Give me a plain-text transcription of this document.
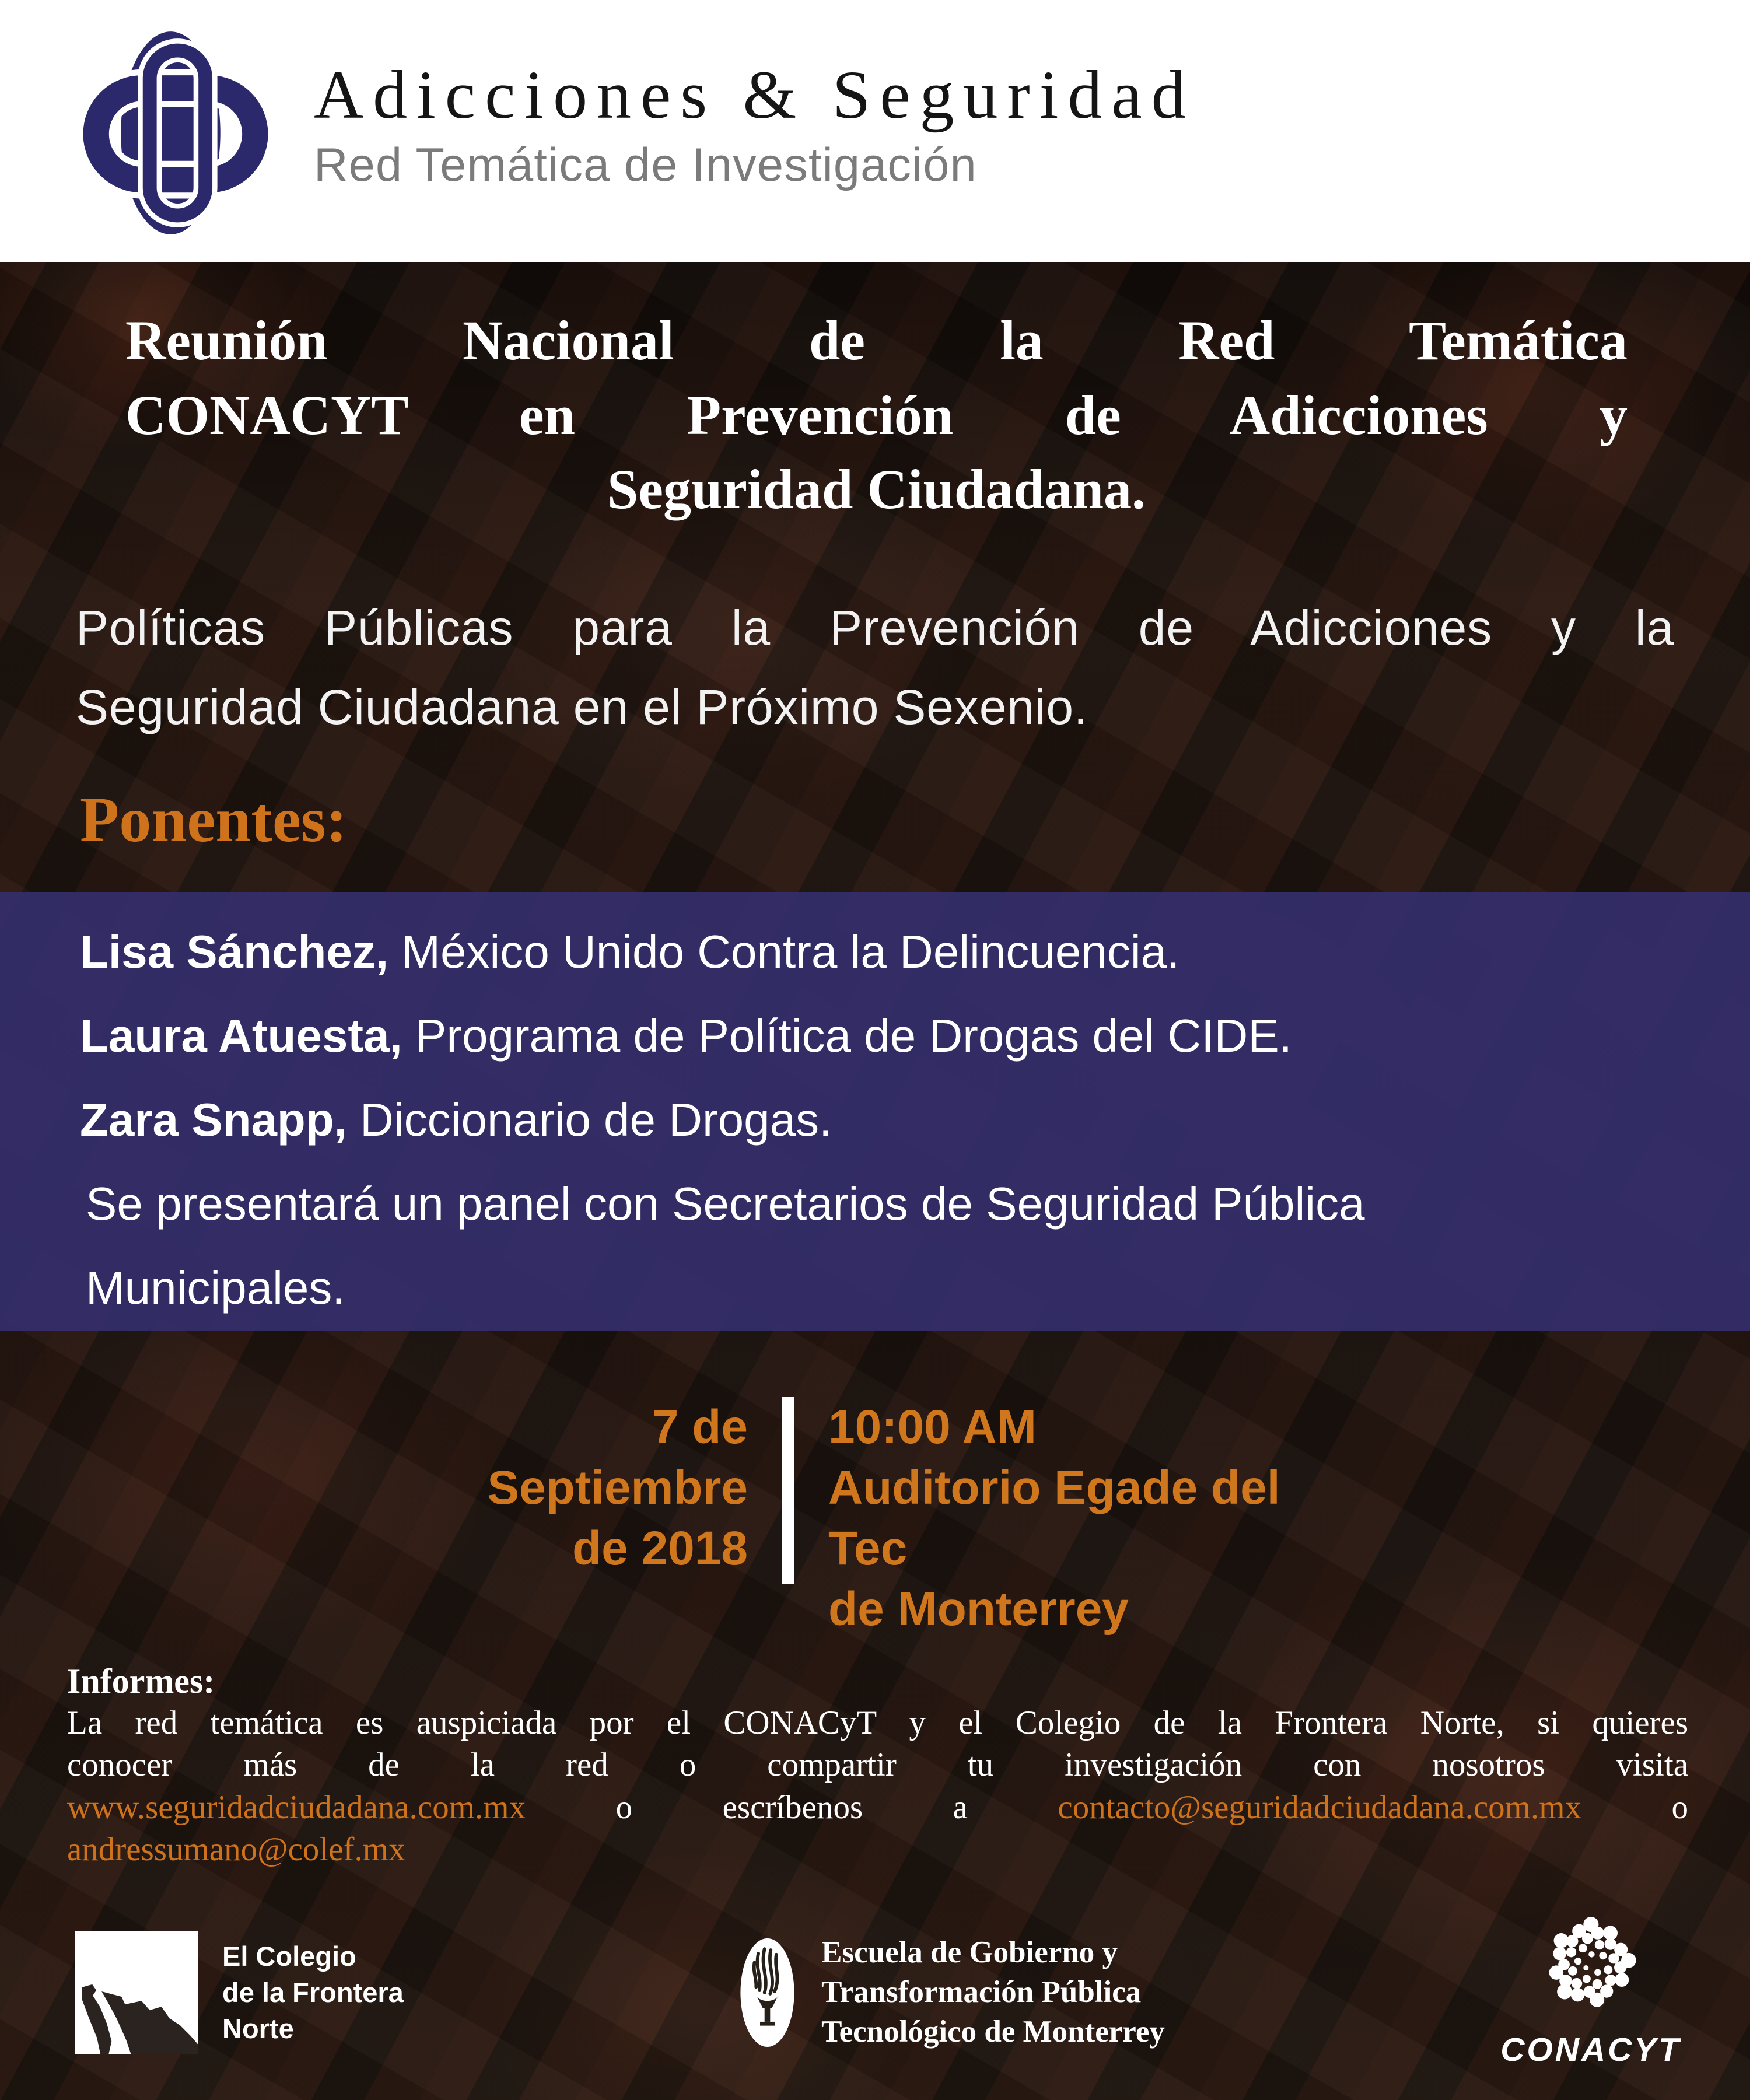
Adicciones & Seguridad
Red Temática de Investigación
Reunión Nacional de la Red Temática
CONACYT en Prevención de Adicciones y
Seguridad Ciudadana.
Políticas Públicas para la Prevención de Adicciones y la
Seguridad Ciudadana en el Próximo Sexenio.
Ponentes:
Lisa Sánchez, México Unido Contra la Delincuencia.
Laura Atuesta, Programa de Política de Drogas del CIDE.
Zara Snapp, Diccionario de Drogas.
Se presentará un panel con Secretarios de Seguridad Pública
Municipales.
7 de
Septiembre
de 2018
10:00 AM
Auditorio Egade del Tec
de Monterrey
Informes:
La red temática es auspiciada por el CONACyT y el Colegio de la Frontera Norte, si quieres
conocer más de la red o compartir tu investigación con nosotros visita
www.seguridadciudadana.com.mx	o escríbenos a	contacto@seguridadciudadana.com.mx	o
andressumano@colef.mx
El Colegio
de la Frontera
Norte
Escuela de Gobierno y
Transformación Pública
Tecnológico de Monterrey	CONACYT
